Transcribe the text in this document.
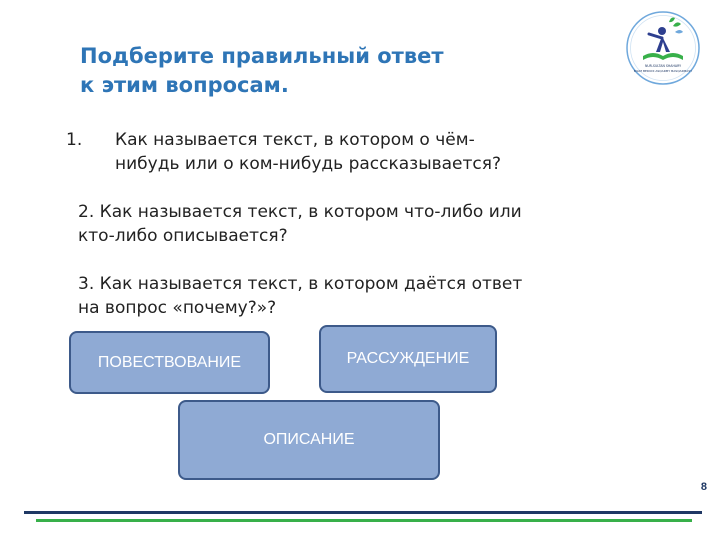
Подберите правильный ответ
к этим вопросам.
NUR-SULTAN SHAHARY
BILIM BERUDI ASQARMY BASQARMASY
1. Как называется текст, в котором о чём-
нибудь или о ком-нибудь рассказывается?
2. Как называется текст, в котором что-либо или
кто-либо описывается?
3. Как называется текст, в котором даётся ответ
на вопрос «почему?»?
ПОВЕСТВОВАНИЕ	РАССУЖДЕНИЕ
ОПИСАНИЕ
8
